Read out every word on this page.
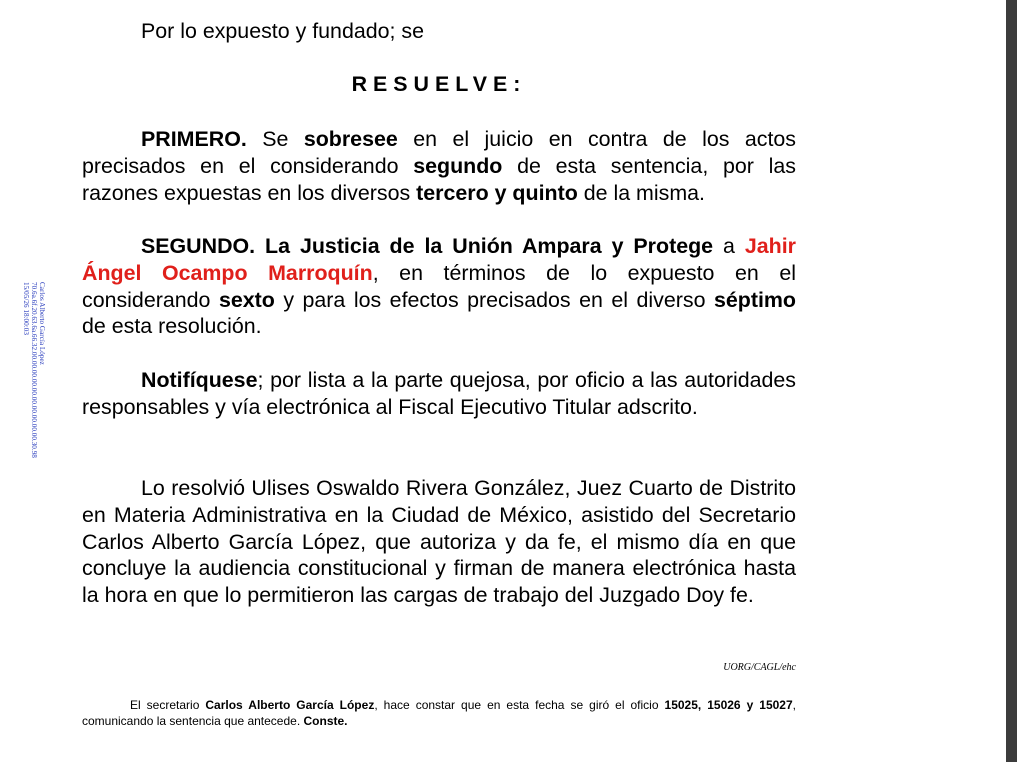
Por lo expuesto y fundado; se
RESUELVE:
PRIMERO. Se sobresee en el juicio en contra de los actos precisados en el considerando segundo de esta sentencia, por las razones expuestas en los diversos tercero y quinto de la misma.
SEGUNDO. La Justicia de la Unión Ampara y Protege a Jahir Ángel Ocampo Marroquín, en términos de lo expuesto en el considerando sexto y para los efectos precisados en el diverso séptimo de esta resolución.
Notifíquese; por lista a la parte quejosa, por oficio a las autoridades responsables y vía electrónica al Fiscal Ejecutivo Titular adscrito.
Lo resolvió Ulises Oswaldo Rivera González, Juez Cuarto de Distrito en Materia Administrativa en la Ciudad de México, asistido del Secretario Carlos Alberto García López, que autoriza y da fe, el mismo día en que concluye la audiencia constitucional y firman de manera electrónica hasta la hora en que lo permitieron las cargas de trabajo del Juzgado Doy fe.
UORG/CAGL/ehc
El secretario Carlos Alberto García López, hace constar que en esta fecha se giró el oficio 15025, 15026 y 15027, comunicando la sentencia que antecede. Conste.
Carlos Alberto García López
70.6a.6f.20.63.6a.66.32.00.00.00.00.00.00.00.00.00.00.30.98
15/05/26 18:00:03
